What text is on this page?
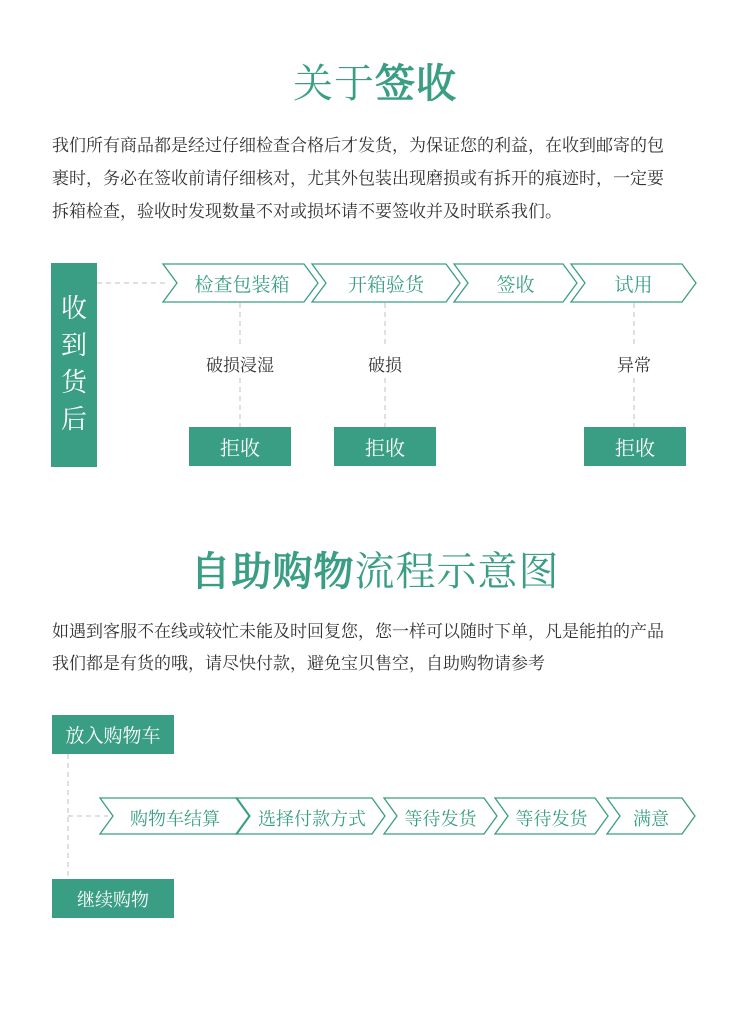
关于签收
我们所有商品都是经过仔细检查合格后才发货，为保证您的利益，在收到邮寄的包
裹时，务必在签收前请仔细核对，尤其外包装出现磨损或有拆开的痕迹时，一定要
拆箱检查，验收时发现数量不对或损坏请不要签收并及时联系我们。
收
到
货
后
检查包装箱	开箱验货	签收	试用
破损浸湿	破损	异常
拒收	拒收	拒收
自助购物流程示意图
如遇到客服不在线或较忙未能及时回复您，您一样可以随时下单，凡是能拍的产品
我们都是有货的哦，请尽快付款，避免宝贝售空，自助购物请参考
放入购物车
继续购物
购物车结算	选择付款方式	等待发货	等待发货	满意
